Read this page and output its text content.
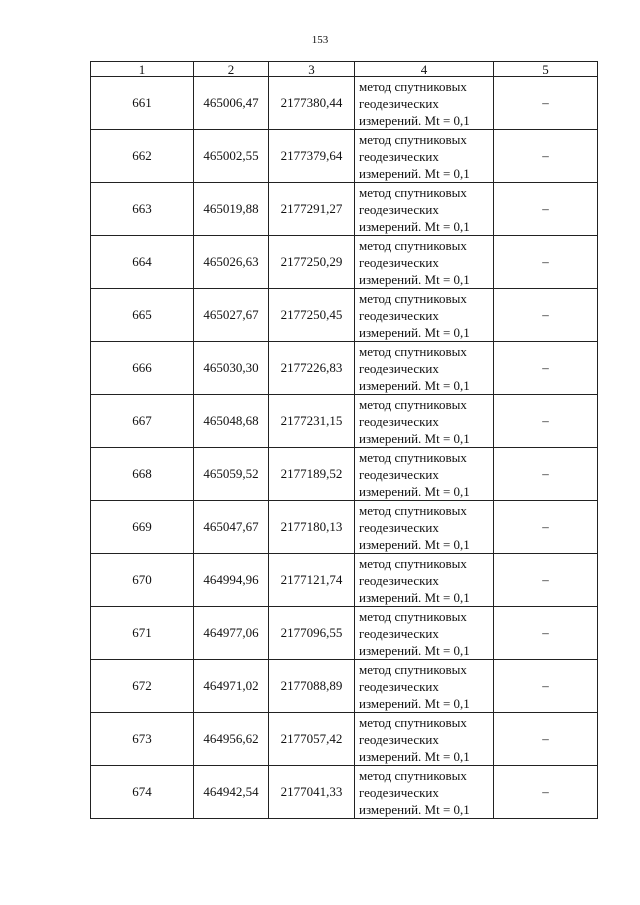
153
1	2	3	4	5
661	465006,47	2177380,44	метод спутниковых
геодезических
измерений. Mt = 0,1	–
662	465002,55	2177379,64	метод спутниковых
геодезических
измерений. Mt = 0,1	–
663	465019,88	2177291,27	метод спутниковых
геодезических
измерений. Mt = 0,1	–
664	465026,63	2177250,29	метод спутниковых
геодезических
измерений. Mt = 0,1	–
665	465027,67	2177250,45	метод спутниковых
геодезических
измерений. Mt = 0,1	–
666	465030,30	2177226,83	метод спутниковых
геодезических
измерений. Mt = 0,1	–
667	465048,68	2177231,15	метод спутниковых
геодезических
измерений. Mt = 0,1	–
668	465059,52	2177189,52	метод спутниковых
геодезических
измерений. Mt = 0,1	–
669	465047,67	2177180,13	метод спутниковых
геодезических
измерений. Mt = 0,1	–
670	464994,96	2177121,74	метод спутниковых
геодезических
измерений. Mt = 0,1	–
671	464977,06	2177096,55	метод спутниковых
геодезических
измерений. Mt = 0,1	–
672	464971,02	2177088,89	метод спутниковых
геодезических
измерений. Mt = 0,1	–
673	464956,62	2177057,42	метод спутниковых
геодезических
измерений. Mt = 0,1	–
674	464942,54	2177041,33	метод спутниковых
геодезических
измерений. Mt = 0,1	–
